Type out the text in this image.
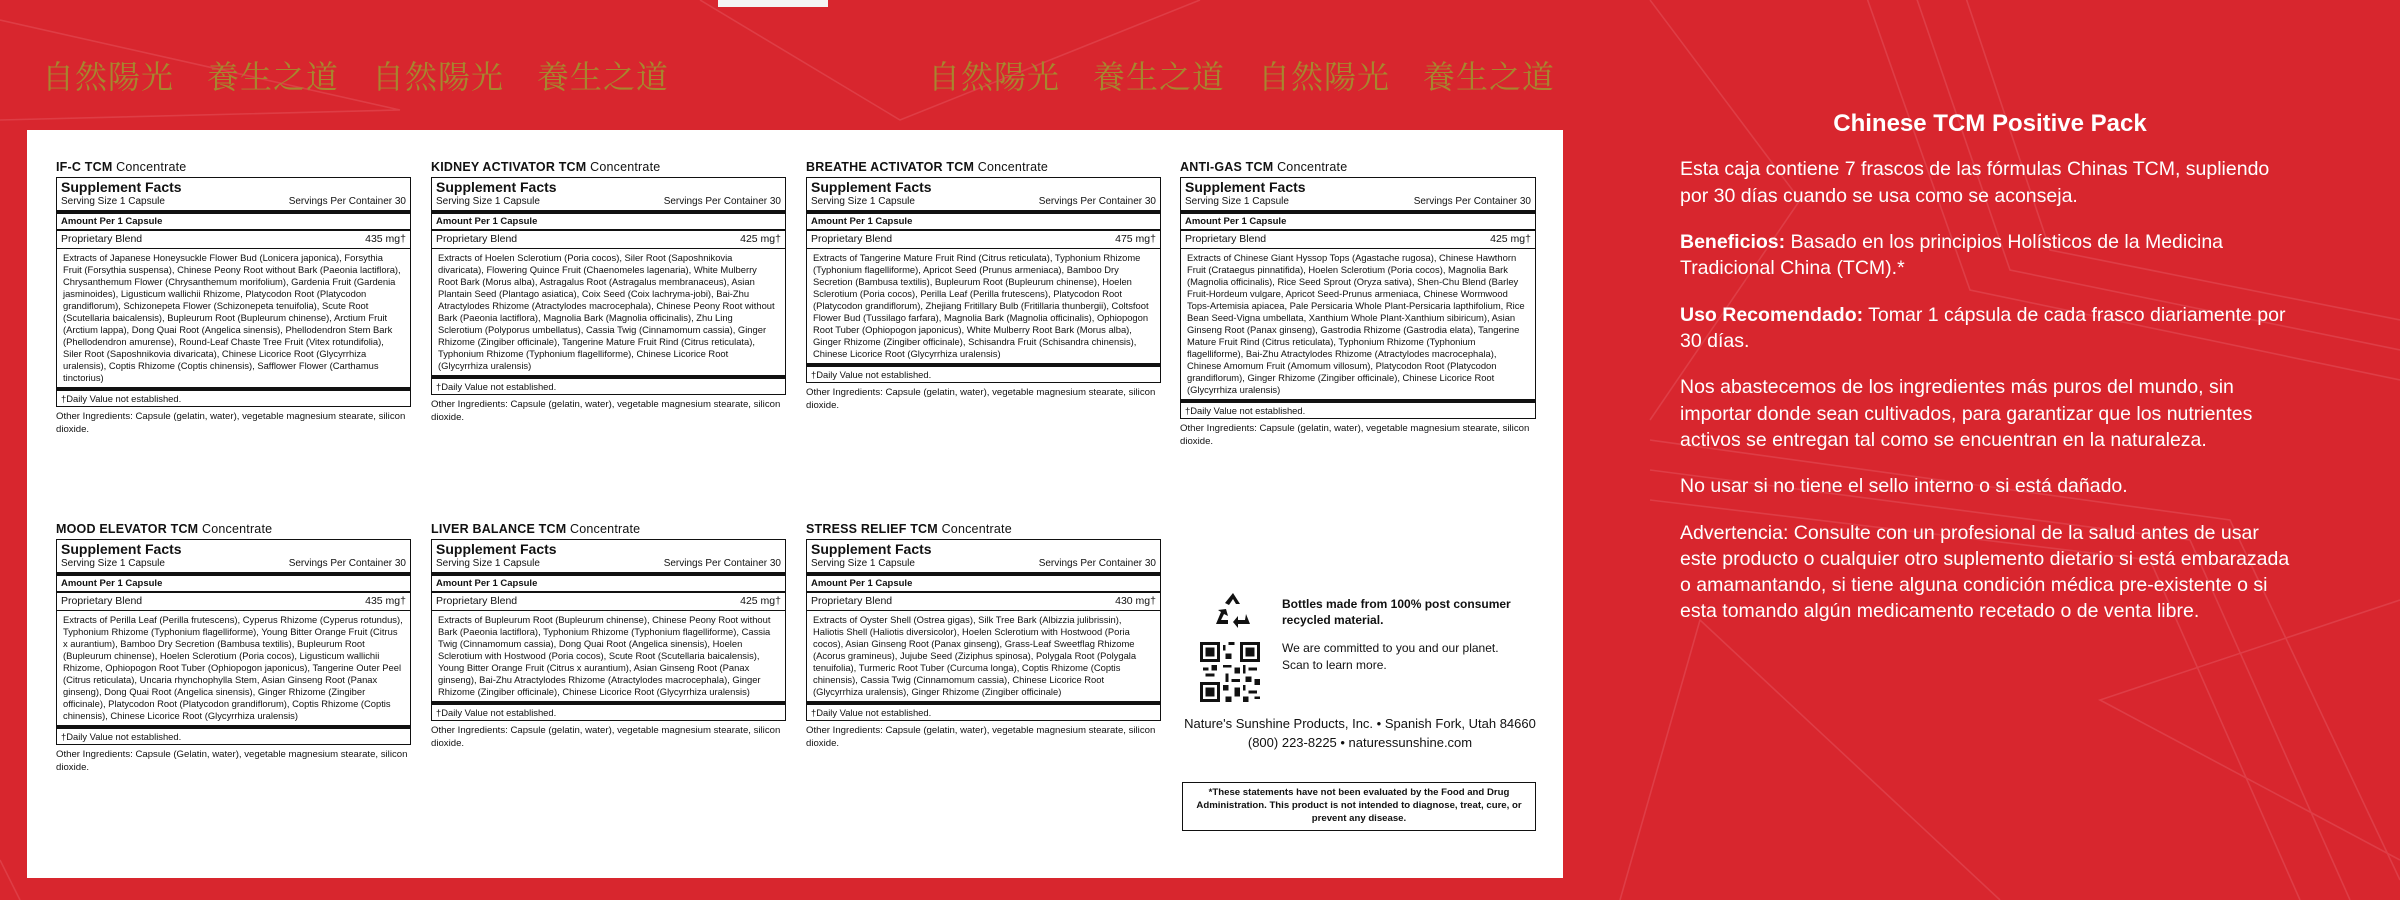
自然陽光　養生之道　自然陽光　養生之道	自然陽光　養生之道　自然陽光　養生之道
IF-C TCM Concentrate
Supplement Facts
Serving Size 1 Capsule	Servings Per Container 30
Amount Per 1 Capsule
Proprietary Blend	435 mg†
Extracts of Japanese Honeysuckle Flower Bud (Lonicera japonica), Forsythia Fruit (Forsythia suspensa), Chinese Peony Root without Bark (Paeonia lactiflora), Chrysanthemum Flower (Chrysanthemum morifolium), Gardenia Fruit (Gardenia jasminoides), Ligusticum wallichii Rhizome, Platycodon Root (Platycodon grandiflorum), Schizonepeta Flower (Schizonepeta tenuifolia), Scute Root (Scutellaria baicalensis), Bupleurum Root (Bupleurum chinense), Arctium Fruit (Arctium lappa), Dong Quai Root (Angelica sinensis), Phellodendron Stem Bark (Phellodendron amurense), Round-Leaf Chaste Tree Fruit (Vitex rotundifolia), Siler Root (Saposhnikovia divaricata), Chinese Licorice Root (Glycyrrhiza uralensis), Coptis Rhizome (Coptis chinensis), Safflower Flower (Carthamus tinctorius)
†Daily Value not established.
Other Ingredients: Capsule (gelatin, water), vegetable magnesium stearate, silicon dioxide.
KIDNEY ACTIVATOR TCM Concentrate
Supplement Facts
Serving Size 1 Capsule	Servings Per Container 30
Amount Per 1 Capsule
Proprietary Blend	425 mg†
Extracts of Hoelen Sclerotium (Poria cocos), Siler Root (Saposhnikovia divaricata), Flowering Quince Fruit (Chaenomeles lagenaria), White Mulberry Root Bark (Morus alba), Astragalus Root (Astragalus membranaceus), Asian Plantain Seed (Plantago asiatica), Coix Seed (Coix lachryma-jobi), Bai-Zhu Atractylodes Rhizome (Atractylodes macrocephala), Chinese Peony Root without Bark (Paeonia lactiflora), Magnolia Bark (Magnolia officinalis), Zhu Ling Sclerotium (Polyporus umbellatus), Cassia Twig (Cinnamomum cassia), Ginger Rhizome (Zingiber officinale), Tangerine Mature Fruit Rind (Citrus reticulata), Typhonium Rhizome (Typhonium flagelliforme), Chinese Licorice Root (Glycyrrhiza uralensis)
†Daily Value not established.
Other Ingredients: Capsule (gelatin, water), vegetable magnesium stearate, silicon dioxide.
BREATHE ACTIVATOR TCM Concentrate
Supplement Facts
Serving Size 1 Capsule	Servings Per Container 30
Amount Per 1 Capsule
Proprietary Blend	475 mg†
Extracts of Tangerine Mature Fruit Rind (Citrus reticulata), Typhonium Rhizome (Typhonium flagelliforme), Apricot Seed (Prunus armeniaca), Bamboo Dry Secretion (Bambusa textilis), Bupleurum Root (Bupleurum chinense), Hoelen Sclerotium (Poria cocos), Perilla Leaf (Perilla frutescens), Platycodon Root (Platycodon grandiflorum), Zhejiang Fritillary Bulb (Fritillaria thunbergii), Coltsfoot Flower Bud (Tussilago farfara), Magnolia Bark (Magnolia officinalis), Ophiopogon Root Tuber (Ophiopogon japonicus), White Mulberry Root Bark (Morus alba), Ginger Rhizome (Zingiber officinale), Schisandra Fruit (Schisandra chinensis), Chinese Licorice Root (Glycyrrhiza uralensis)
†Daily Value not established.
Other Ingredients: Capsule (gelatin, water), vegetable magnesium stearate, silicon dioxide.
ANTI-GAS TCM Concentrate
Supplement Facts
Serving Size 1 Capsule	Servings Per Container 30
Amount Per 1 Capsule
Proprietary Blend	425 mg†
Extracts of Chinese Giant Hyssop Tops (Agastache rugosa), Chinese Hawthorn Fruit (Crataegus pinnatifida), Hoelen Sclerotium (Poria cocos), Magnolia Bark (Magnolia officinalis), Rice Seed Sprout (Oryza sativa), Shen-Chu Blend (Barley Fruit-Hordeum vulgare, Apricot Seed-Prunus armeniaca, Chinese Wormwood Tops-Artemisia apiacea, Pale Persicaria Whole Plant-Persicaria lapthifolium, Rice Bean Seed-Vigna umbellata, Xanthium Whole Plant-Xanthium sibiricum), Asian Ginseng Root (Panax ginseng), Gastrodia Rhizome (Gastrodia elata), Tangerine Mature Fruit Rind (Citrus reticulata), Typhonium Rhizome (Typhonium flagelliforme), Bai-Zhu Atractylodes Rhizome (Atractylodes macrocephala), Chinese Amomum Fruit (Amomum villosum), Platycodon Root (Platycodon grandiflorum), Ginger Rhizome (Zingiber officinale), Chinese Licorice Root (Glycyrrhiza uralensis)
†Daily Value not established.
Other Ingredients: Capsule (gelatin, water), vegetable magnesium stearate, silicon dioxide.
MOOD ELEVATOR TCM Concentrate
Supplement Facts
Serving Size 1 Capsule	Servings Per Container 30
Amount Per 1 Capsule
Proprietary Blend	435 mg†
Extracts of Perilla Leaf (Perilla frutescens), Cyperus Rhizome (Cyperus rotundus), Typhonium Rhizome (Typhonium flagelliforme), Young Bitter Orange Fruit (Citrus x aurantium), Bamboo Dry Secretion (Bambusa textilis), Bupleurum Root (Bupleurum chinense), Hoelen Sclerotium (Poria cocos), Ligusticum wallichii Rhizome, Ophiopogon Root Tuber (Ophiopogon japonicus), Tangerine Outer Peel (Citrus reticulata), Uncaria rhynchophylla Stem, Asian Ginseng Root (Panax ginseng), Dong Quai Root (Angelica sinensis), Ginger Rhizome (Zingiber officinale), Platycodon Root (Platycodon grandiflorum), Coptis Rhizome (Coptis chinensis), Chinese Licorice Root (Glycyrrhiza uralensis)
†Daily Value not established.
Other Ingredients: Capsule (Gelatin, water), vegetable magnesium stearate, silicon dioxide.
LIVER BALANCE TCM Concentrate
Supplement Facts
Serving Size 1 Capsule	Servings Per Container 30
Amount Per 1 Capsule
Proprietary Blend	425 mg†
Extracts of Bupleurum Root (Bupleurum chinense), Chinese Peony Root without Bark (Paeonia lactiflora), Typhonium Rhizome (Typhonium flagelliforme), Cassia Twig (Cinnamomum cassia), Dong Quai Root (Angelica sinensis), Hoelen Sclerotium with Hostwood (Poria cocos), Scute Root (Scutellaria baicalensis), Young Bitter Orange Fruit (Citrus x aurantium), Asian Ginseng Root (Panax ginseng), Bai-Zhu Atractylodes Rhizome (Atractylodes macrocephala), Ginger Rhizome (Zingiber officinale), Chinese Licorice Root (Glycyrrhiza uralensis)
†Daily Value not established.
Other Ingredients: Capsule (gelatin, water), vegetable magnesium stearate, silicon dioxide.
STRESS RELIEF TCM Concentrate
Supplement Facts
Serving Size 1 Capsule	Servings Per Container 30
Amount Per 1 Capsule
Proprietary Blend	430 mg†
Extracts of Oyster Shell (Ostrea gigas), Silk Tree Bark (Albizzia julibrissin), Haliotis Shell (Haliotis diversicolor), Hoelen Sclerotium with Hostwood (Poria cocos), Asian Ginseng Root (Panax ginseng), Grass-Leaf Sweetflag Rhizome (Acorus gramineus), Jujube Seed (Ziziphus spinosa), Polygala Root (Polygala tenuifolia), Turmeric Root Tuber (Curcuma longa), Coptis Rhizome (Coptis chinensis), Cassia Twig (Cinnamomum cassia), Chinese Licorice Root (Glycyrrhiza uralensis), Ginger Rhizome (Zingiber officinale)
†Daily Value not established.
Other Ingredients: Capsule (gelatin, water), vegetable magnesium stearate, silicon dioxide.
Bottles made from 100% post consumer recycled material.
We are committed to you and our planet. Scan to learn more.
Nature's Sunshine Products, Inc. • Spanish Fork, Utah 84660
(800) 223-8225 • naturessunshine.com
*These statements have not been evaluated by the Food and Drug Administration. This product is not intended to diagnose, treat, cure, or prevent any disease.
Chinese TCM Positive Pack

Esta caja contiene 7 frascos de las fórmulas Chinas TCM, supliendo por 30 días cuando se usa como se aconseja.

Beneficios: Basado en los principios Holísticos de la Medicina Tradicional China (TCM).*

Uso Recomendado: Tomar 1 cápsula de cada frasco diariamente por 30 días.

Nos abastecemos de los ingredientes más puros del mundo, sin importar donde sean cultivados, para garantizar que los nutrientes activos se entregan tal como se encuentran en la naturaleza.

No usar si no tiene el sello interno o si está dañado.

Advertencia: Consulte con un profesional de la salud antes de usar este producto o cualquier otro suplemento dietario si está embarazada o amamantando, si tiene alguna condición médica pre-existente o si esta tomando algún medicamento recetado o de venta libre.
